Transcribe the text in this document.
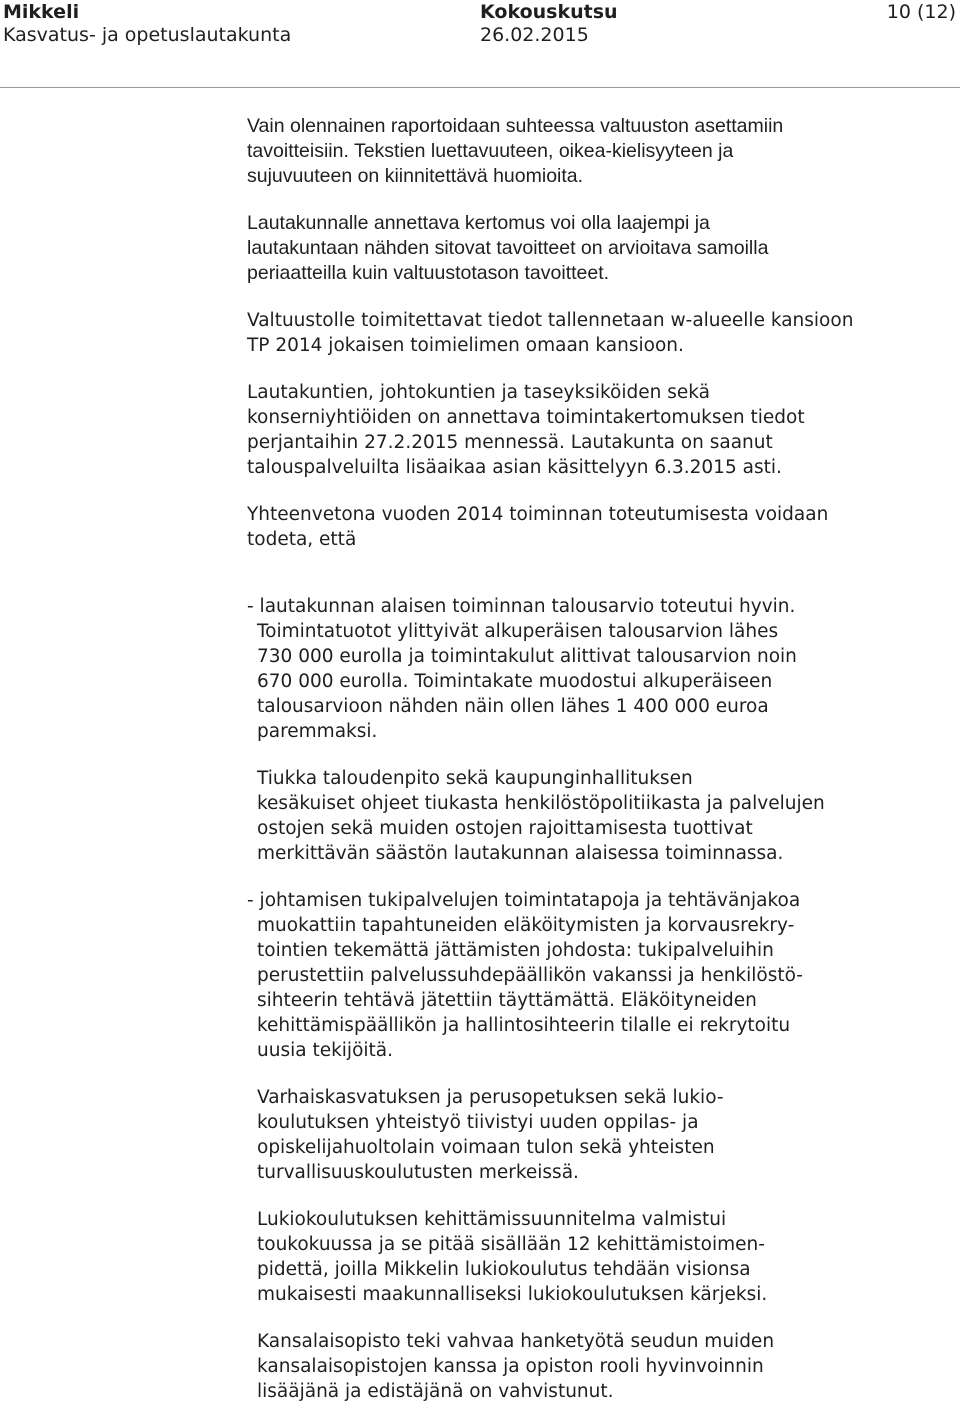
Mikkeli
Kasvatus- ja opetuslautakunta
Kokouskutsu
26.02.2015
10 (12)

Vain olennainen raportoidaan suhteessa valtuuston asettamiin
tavoitteisiin. Tekstien luettavuuteen, oikea-kielisyyteen ja
sujuvuuteen on kiinnitettävä huomioita.

Lautakunnalle annettava kertomus voi olla laajempi ja
lautakuntaan nähden sitovat tavoitteet on arvioitava samoilla
periaatteilla kuin valtuustotason tavoitteet.

Valtuustolle toimitettavat tiedot tallennetaan w-alueelle kansioon
TP 2014 jokaisen toimielimen omaan kansioon.

Lautakuntien, johtokuntien ja taseyksiköiden sekä
konserniyhtiöiden on annettava toimintakertomuksen tiedot
perjantaihin 27.2.2015 mennessä. Lautakunta on saanut
talouspalveluilta lisäaikaa asian käsittelyyn 6.3.2015 asti.

Yhteenvetona vuoden 2014 toiminnan toteutumisesta voidaan
todeta, että

- lautakunnan alaisen toiminnan talousarvio toteutui hyvin.

Toimintatuotot ylittyivät alkuperäisen talousarvion lähes
730 000 eurolla ja toimintakulut alittivat talousarvion noin
670 000 eurolla. Toimintakate muodostui alkuperäiseen
talousarvioon nähden näin ollen lähes 1 400 000 euroa
paremmaksi.

Tiukka taloudenpito sekä kaupunginhallituksen
kesäkuiset ohjeet tiukasta henkilöstöpolitiikasta ja palvelujen
ostojen sekä muiden ostojen rajoittamisesta tuottivat
merkittävän säästön lautakunnan alaisessa toiminnassa.

- johtamisen tukipalvelujen toimintatapoja ja tehtävänjakoa

muokattiin tapahtuneiden eläköitymisten ja korvausrekry-
tointien tekemättä jättämisten johdosta: tukipalveluihin
perustettiin palvelussuhdepäällikön vakanssi ja henkilöstö-
sihteerin tehtävä jätettiin täyttämättä. Eläköityneiden
kehittämispäällikön ja hallintosihteerin tilalle ei rekrytoitu
uusia tekijöitä.

Varhaiskasvatuksen ja perusopetuksen sekä lukio-
koulutuksen yhteistyö tiivistyi uuden oppilas- ja
opiskelijahuoltolain voimaan tulon sekä yhteisten
turvallisuuskoulutusten merkeissä.

Lukiokoulutuksen kehittämissuunnitelma valmistui
toukokuussa ja se pitää sisällään 12 kehittämistoimen-
pidettä, joilla Mikkelin lukiokoulutus tehdään visionsa
mukaisesti maakunnalliseksi lukiokoulutuksen kärjeksi.

Kansalaisopisto teki vahvaa hanketyötä seudun muiden
kansalaisopistojen kanssa ja opiston rooli hyvinvoinnin
lisääjänä ja edistäjänä on vahvistunut.
